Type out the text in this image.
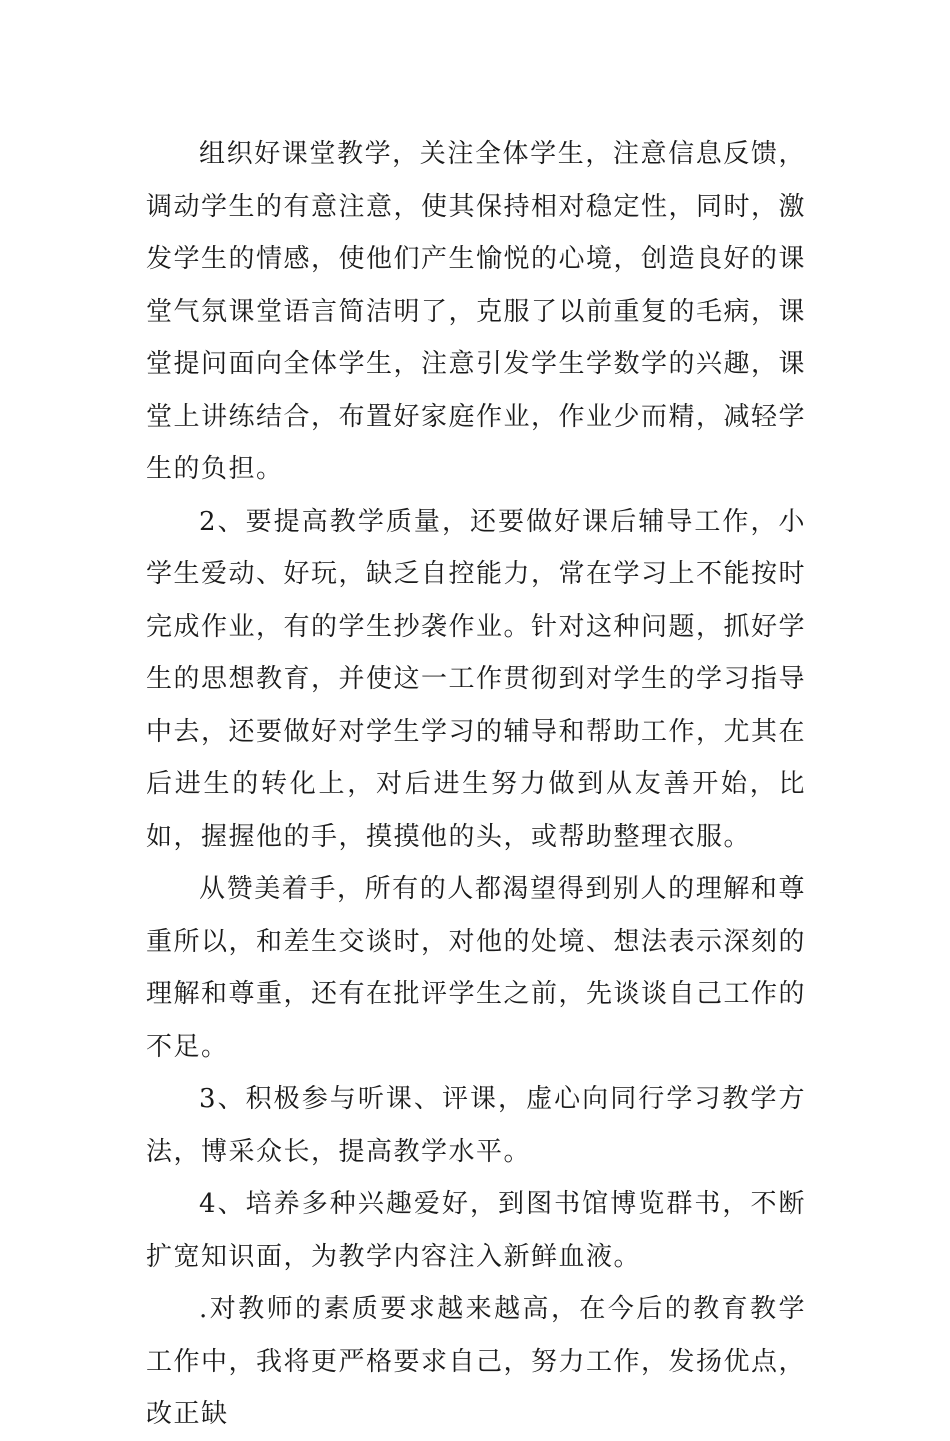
组织好课堂教学，关注全体学生，注意信息反馈，调动学生的有意注意，使其保持相对稳定性，同时，激发学生的情感，使他们产生愉悦的心境，创造良好的课堂气氛课堂语言简洁明了，克服了以前重复的毛病，课堂提问面向全体学生，注意引发学生学数学的兴趣，课堂上讲练结合，布置好家庭作业，作业少而精，减轻学生的负担。

2、要提高教学质量，还要做好课后辅导工作，小学生爱动、好玩，缺乏自控能力，常在学习上不能按时完成作业，有的学生抄袭作业。针对这种问题，抓好学生的思想教育，并使这一工作贯彻到对学生的学习指导中去，还要做好对学生学习的辅导和帮助工作，尤其在后进生的转化上，对后进生努力做到从友善开始，比如，握握他的手，摸摸他的头，或帮助整理衣服。

从赞美着手，所有的人都渴望得到别人的理解和尊重所以，和差生交谈时，对他的处境、想法表示深刻的理解和尊重，还有在批评学生之前，先谈谈自己工作的不足。

3、积极参与听课、评课，虚心向同行学习教学方法，博采众长，提高教学水平。

4、培养多种兴趣爱好，到图书馆博览群书，不断扩宽知识面，为教学内容注入新鲜血液。

.对教师的素质要求越来越高，在今后的教育教学工作中，我将更严格要求自己，努力工作，发扬优点，改正缺
